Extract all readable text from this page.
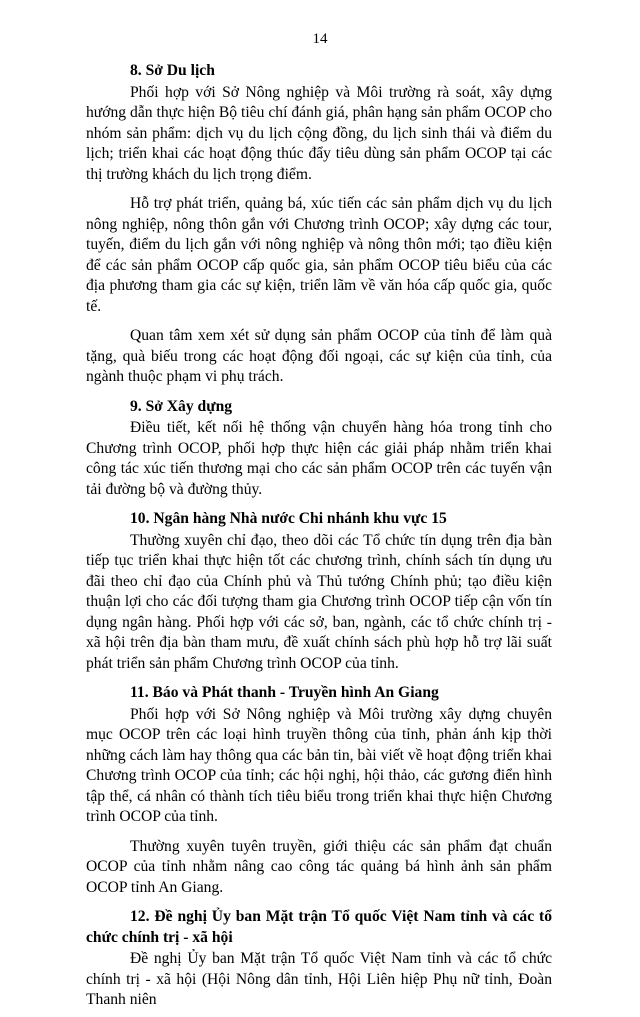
14

8. Sở Du lịch

Phối hợp với Sở Nông nghiệp và Môi trường rà soát, xây dựng hướng dẫn thực hiện Bộ tiêu chí đánh giá, phân hạng sản phẩm OCOP cho nhóm sản phẩm: dịch vụ du lịch cộng đồng, du lịch sinh thái và điểm du lịch; triển khai các hoạt động thúc đẩy tiêu dùng sản phẩm OCOP tại các thị trường khách du lịch trọng điểm.

Hỗ trợ phát triển, quảng bá, xúc tiến các sản phẩm dịch vụ du lịch nông nghiệp, nông thôn gắn với Chương trình OCOP; xây dựng các tour, tuyến, điểm du lịch gắn với nông nghiệp và nông thôn mới; tạo điều kiện để các sản phẩm OCOP cấp quốc gia, sản phẩm OCOP tiêu biểu của các địa phương tham gia các sự kiện, triển lãm về văn hóa cấp quốc gia, quốc tế.

Quan tâm xem xét sử dụng sản phẩm OCOP của tỉnh để làm quà tặng, quà biếu trong các hoạt động đối ngoại, các sự kiện của tỉnh, của ngành thuộc phạm vi phụ trách.

9. Sở Xây dựng

Điều tiết, kết nối hệ thống vận chuyển hàng hóa trong tỉnh cho Chương trình OCOP, phối hợp thực hiện các giải pháp nhằm triển khai công tác xúc tiến thương mại cho các sản phẩm OCOP trên các tuyến vận tải đường bộ và đường thủy.

10. Ngân hàng Nhà nước Chi nhánh khu vực 15

Thường xuyên chỉ đạo, theo dõi các Tổ chức tín dụng trên địa bàn tiếp tục triển khai thực hiện tốt các chương trình, chính sách tín dụng ưu đãi theo chỉ đạo của Chính phủ và Thủ tướng Chính phủ; tạo điều kiện thuận lợi cho các đối tượng tham gia Chương trình OCOP tiếp cận vốn tín dụng ngân hàng. Phối hợp với các sở, ban, ngành, các tổ chức chính trị - xã hội trên địa bàn tham mưu, đề xuất chính sách phù hợp hỗ trợ lãi suất phát triển sản phẩm Chương trình OCOP của tỉnh.

11. Báo và Phát thanh - Truyền hình An Giang

Phối hợp với Sở Nông nghiệp và Môi trường xây dựng chuyên mục OCOP trên các loại hình truyền thông của tỉnh, phản ánh kịp thời những cách làm hay thông qua các bản tin, bài viết về hoạt động triển khai Chương trình OCOP của tỉnh; các hội nghị, hội thảo, các gương điển hình tập thể, cá nhân có thành tích tiêu biểu trong triển khai thực hiện Chương trình OCOP của tỉnh.

Thường xuyên tuyên truyền, giới thiệu các sản phẩm đạt chuẩn OCOP của tỉnh nhằm nâng cao công tác quảng bá hình ảnh sản phẩm OCOP tỉnh An Giang.

12. Đề nghị Ủy ban Mặt trận Tổ quốc Việt Nam tỉnh và các tổ chức chính trị - xã hội

Đề nghị Ủy ban Mặt trận Tổ quốc Việt Nam tỉnh và các tổ chức chính trị - xã hội (Hội Nông dân tỉnh, Hội Liên hiệp Phụ nữ tỉnh, Đoàn Thanh niên
